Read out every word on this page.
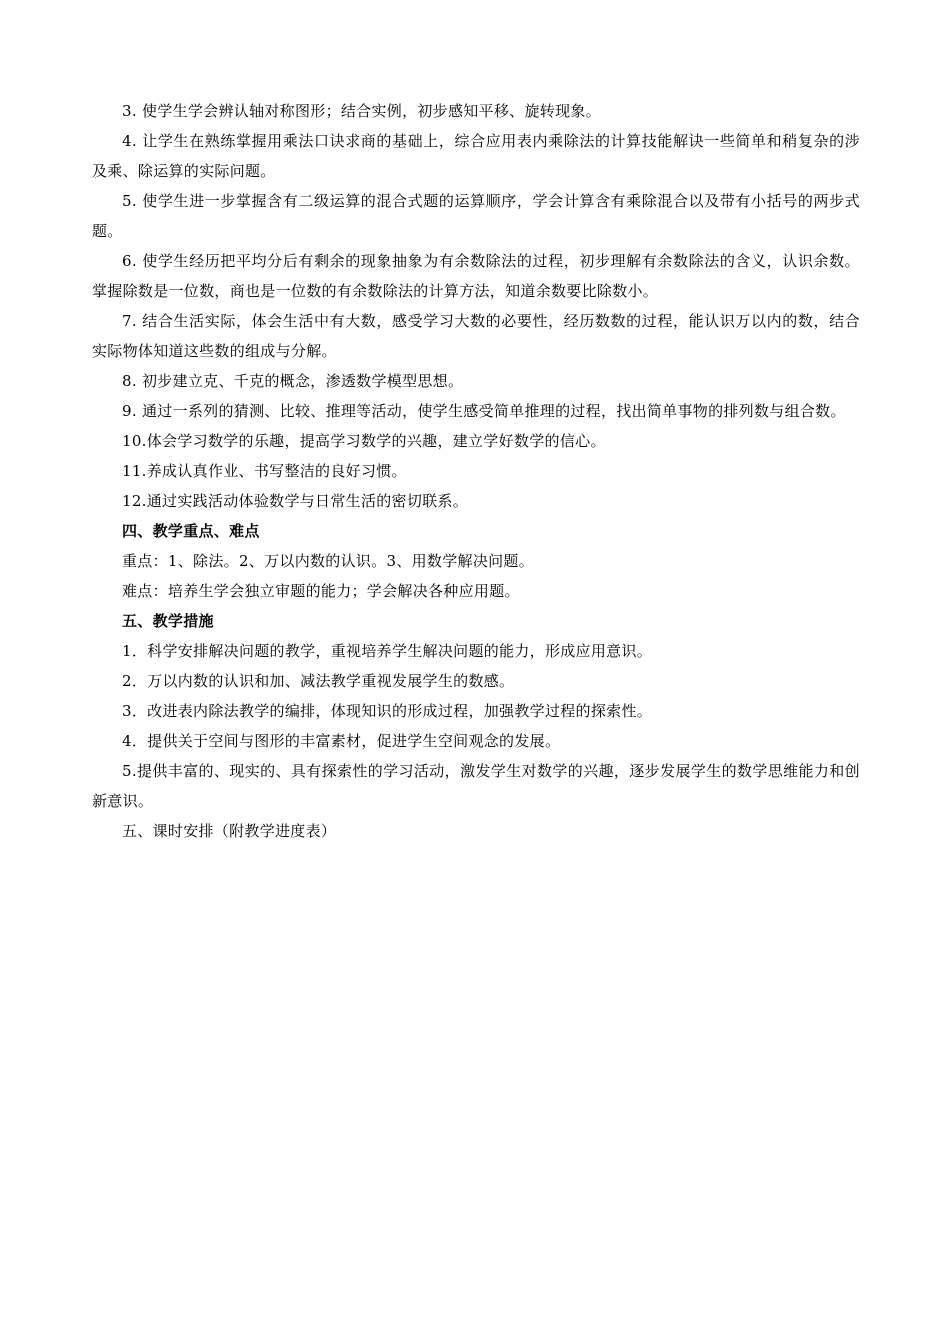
3. 使学生学会辨认轴对称图形；结合实例，初步感知平移、旋转现象。

4. 让学生在熟练掌握用乘法口诀求商的基础上，综合应用表内乘除法的计算技能解诀一些简单和稍复杂的涉及乘、除运算的实际问题。

5. 使学生进一步掌握含有二级运算的混合式题的运算顺序，学会计算含有乘除混合以及带有小括号的两步式题。

6. 使学生经历把平均分后有剩余的现象抽象为有余数除法的过程，初步理解有余数除法的含义，认识余数。掌握除数是一位数，商也是一位数的有余数除法的计算方法，知道余数要比除数小。

7. 结合生活实际，体会生活中有大数，感受学习大数的必要性，经历数数的过程，能认识万以内的数，结合实际物体知道这些数的组成与分解。

8. 初步建立克、千克的概念，渗透数学模型思想。

9. 通过一系列的猜测、比较、推理等活动，使学生感受简单推理的过程，找出简单事物的排列数与组合数。

10.体会学习数学的乐趣，提高学习数学的兴趣，建立学好数学的信心。

11.养成认真作业、书写整洁的良好习惯。

12.通过实践活动体验数学与日常生活的密切联系。

四、教学重点、难点

重点：1、除法。2、万以内数的认识。3、用数学解决问题。

难点：培养生学会独立审题的能力；学会解决各种应用题。

五、教学措施

1．科学安排解决问题的教学，重视培养学生解决问题的能力，形成应用意识。

2．万以内数的认识和加、减法教学重视发展学生的数感。

3．改进表内除法教学的编排，体现知识的形成过程，加强教学过程的探索性。

4．提供关于空间与图形的丰富素材，促进学生空间观念的发展。

5.提供丰富的、现实的、具有探索性的学习活动，激发学生对数学的兴趣，逐步发展学生的数学思维能力和创新意识。

五、课时安排（附教学进度表）
